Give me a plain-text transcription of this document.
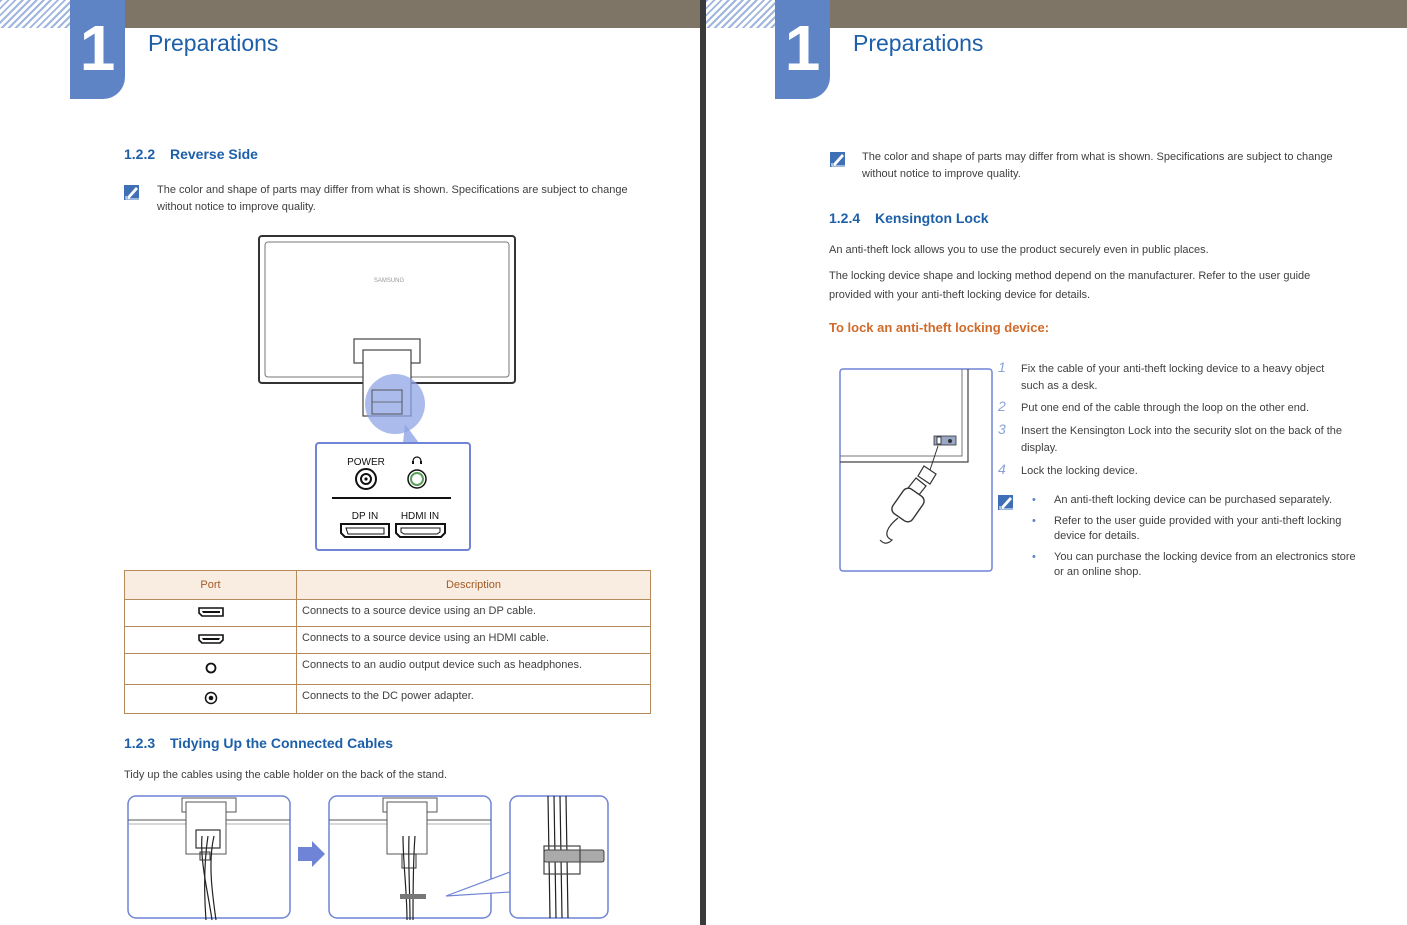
1	Preparations
1.2.2 Reverse Side
The color and shape of parts may differ from what is shown. Specifications are subject to change
without notice to improve quality.
SAMSUNG
POWER
DP IN HDMI IN
Port	Description
	Connects to a source device using an DP cable.
	Connects to a source device using an HDMI cable.
	Connects to an audio output device such as headphones.
	Connects to the DC power adapter.
1.2.3 Tidying Up the Connected Cables
Tidy up the cables using the cable holder on the back of the stand.
1	Preparations
The color and shape of parts may differ from what is shown. Specifications are subject to change
without notice to improve quality.
1.2.4 Kensington Lock
An anti-theft lock allows you to use the product securely even in public places.
The locking device shape and locking method depend on the manufacturer. Refer to the user guide
provided with your anti-theft locking device for details.
To lock an anti-theft locking device:
1 Fix the cable of your anti-theft locking device to a heavy object
such as a desk.
2 Put one end of the cable through the loop on the other end.
3 Insert the Kensington Lock into the security slot on the back of the
display.
4 Lock the locking device.
• An anti-theft locking device can be purchased separately.
• Refer to the user guide provided with your anti-theft locking
device for details.
• You can purchase the locking device from an electronics store
or an online shop.
